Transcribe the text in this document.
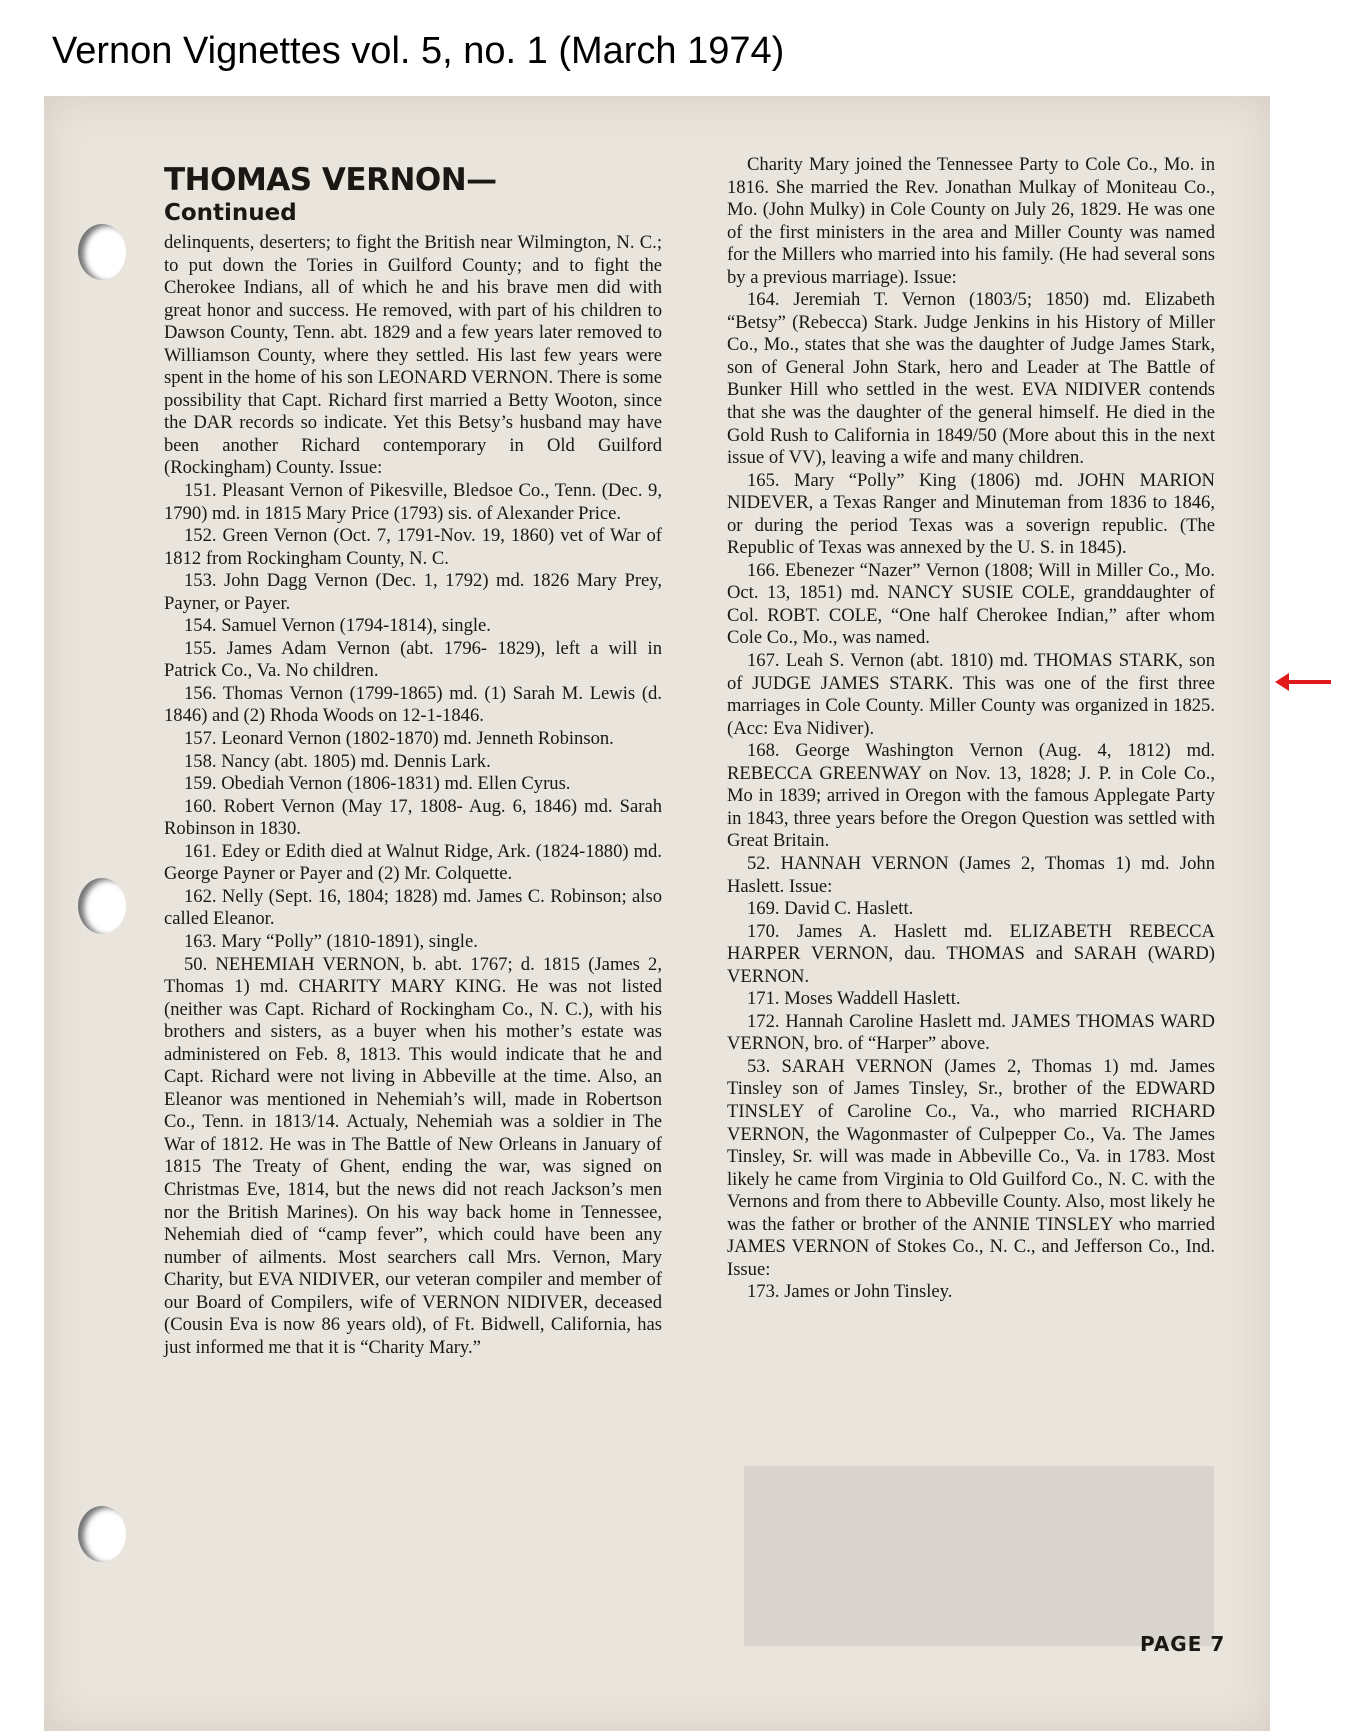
Vernon Vignettes vol. 5, no. 1 (March 1974)
THOMAS VERNON—
Continued

delinquents, deserters; to fight the British near Wilmington, N. C.; to put down the Tories in Guilford County; and to fight the Cherokee Indians, all of which he and his brave men did with great honor and success. He removed, with part of his children to Dawson County, Tenn. abt. 1829 and a few years later removed to Williamson County, where they settled. His last few years were spent in the home of his son LEONARD VERNON. There is some possibility that Capt. Richard first married a Betty Wooton, since the DAR records so indicate. Yet this Betsy’s husband may have been another Richard contemporary in Old Guilford (Rockingham) County. Issue:

151. Pleasant Vernon of Pikesville, Bledsoe Co., Tenn. (Dec. 9, 1790) md. in 1815 Mary Price (1793) sis. of Alexander Price.

152. Green Vernon (Oct. 7, 1791-Nov. 19, 1860) vet of War of 1812 from Rockingham County, N. C.

153. John Dagg Vernon (Dec. 1, 1792) md. 1826 Mary Prey, Payner, or Payer.

154. Samuel Vernon (1794-1814), single.

155. James Adam Vernon (abt. 1796- 1829), left a will in Patrick Co., Va. No children.

156. Thomas Vernon (1799-1865) md. (1) Sarah M. Lewis (d. 1846) and (2) Rhoda Woods on 12-1-1846.

157. Leonard Vernon (1802-1870) md. Jenneth Robinson.

158. Nancy (abt. 1805) md. Dennis Lark.

159. Obediah Vernon (1806-1831) md. Ellen Cyrus.

160. Robert Vernon (May 17, 1808- Aug. 6, 1846) md. Sarah Robinson in 1830.

161. Edey or Edith died at Walnut Ridge, Ark. (1824-1880) md. George Payner or Payer and (2) Mr. Colquette.

162. Nelly (Sept. 16, 1804; 1828) md. James C. Robinson; also called Eleanor.

163. Mary “Polly” (1810-1891), single.

50. NEHEMIAH VERNON, b. abt. 1767; d. 1815 (James 2, Thomas 1) md. CHARITY MARY KING. He was not listed (neither was Capt. Richard of Rockingham Co., N. C.), with his brothers and sisters, as a buyer when his mother’s estate was administered on Feb. 8, 1813. This would indicate that he and Capt. Richard were not living in Abbeville at the time. Also, an Eleanor was mentioned in Nehemiah’s will, made in Robertson Co., Tenn. in 1813/14. Actualy, Nehemiah was a soldier in The War of 1812. He was in The Battle of New Orleans in January of 1815 The Treaty of Ghent, ending the war, was signed on Christmas Eve, 1814, but the news did not reach Jackson’s men nor the British Marines). On his way back home in Tennessee, Nehemiah died of “camp fever”, which could have been any number of ailments. Most searchers call Mrs. Vernon, Mary Charity, but EVA NIDIVER, our veteran compiler and member of our Board of Compilers, wife of VERNON NIDIVER, deceased (Cousin Eva is now 86 years old), of Ft. Bidwell, California, has just informed me that it is “Charity Mary.”

Charity Mary joined the Tennessee Party to Cole Co., Mo. in 1816. She married the Rev. Jonathan Mulkay of Moniteau Co., Mo. (John Mulky) in Cole County on July 26, 1829. He was one of the first ministers in the area and Miller County was named for the Millers who married into his family. (He had several sons by a previous marriage). Issue:

164. Jeremiah T. Vernon (1803/5; 1850) md. Elizabeth “Betsy” (Rebecca) Stark. Judge Jenkins in his History of Miller Co., Mo., states that she was the daughter of Judge James Stark, son of General John Stark, hero and Leader at The Battle of Bunker Hill who settled in the west. EVA NIDIVER contends that she was the daughter of the general himself. He died in the Gold Rush to California in 1849/50 (More about this in the next issue of VV), leaving a wife and many children.

165. Mary “Polly” King (1806) md. JOHN MARION NIDEVER, a Texas Ranger and Minuteman from 1836 to 1846, or during the period Texas was a soverign republic. (The Republic of Texas was annexed by the U. S. in 1845).

166. Ebenezer “Nazer” Vernon (1808; Will in Miller Co., Mo. Oct. 13, 1851) md. NANCY SUSIE COLE, granddaughter of Col. ROBT. COLE, “One half Cherokee Indian,” after whom Cole Co., Mo., was named.

167. Leah S. Vernon (abt. 1810) md. THOMAS STARK, son of JUDGE JAMES STARK. This was one of the first three marriages in Cole County. Miller County was organized in 1825. (Acc: Eva Nidiver).

168. George Washington Vernon (Aug. 4, 1812) md. REBECCA GREENWAY on Nov. 13, 1828; J. P. in Cole Co., Mo in 1839; arrived in Oregon with the famous Applegate Party in 1843, three years before the Oregon Question was settled with Great Britain.

52. HANNAH VERNON (James 2, Thomas 1) md. John Haslett. Issue:

169. David C. Haslett.

170. James A. Haslett md. ELIZABETH REBECCA HARPER VERNON, dau. THOMAS and SARAH (WARD) VERNON.

171. Moses Waddell Haslett.

172. Hannah Caroline Haslett md. JAMES THOMAS WARD VERNON, bro. of “Harper” above.

53. SARAH VERNON (James 2, Thomas 1) md. James Tinsley son of James Tinsley, Sr., brother of the EDWARD TINSLEY of Caroline Co., Va., who married RICHARD VERNON, the Wagonmaster of Culpepper Co., Va. The James Tinsley, Sr. will was made in Abbeville Co., Va. in 1783. Most likely he came from Virginia to Old Guilford Co., N. C. with the Vernons and from there to Abbeville County. Also, most likely he was the father or brother of the ANNIE TINSLEY who married JAMES VERNON of Stokes Co., N. C., and Jefferson Co., Ind. Issue:

173. James or John Tinsley.

PAGE 7
